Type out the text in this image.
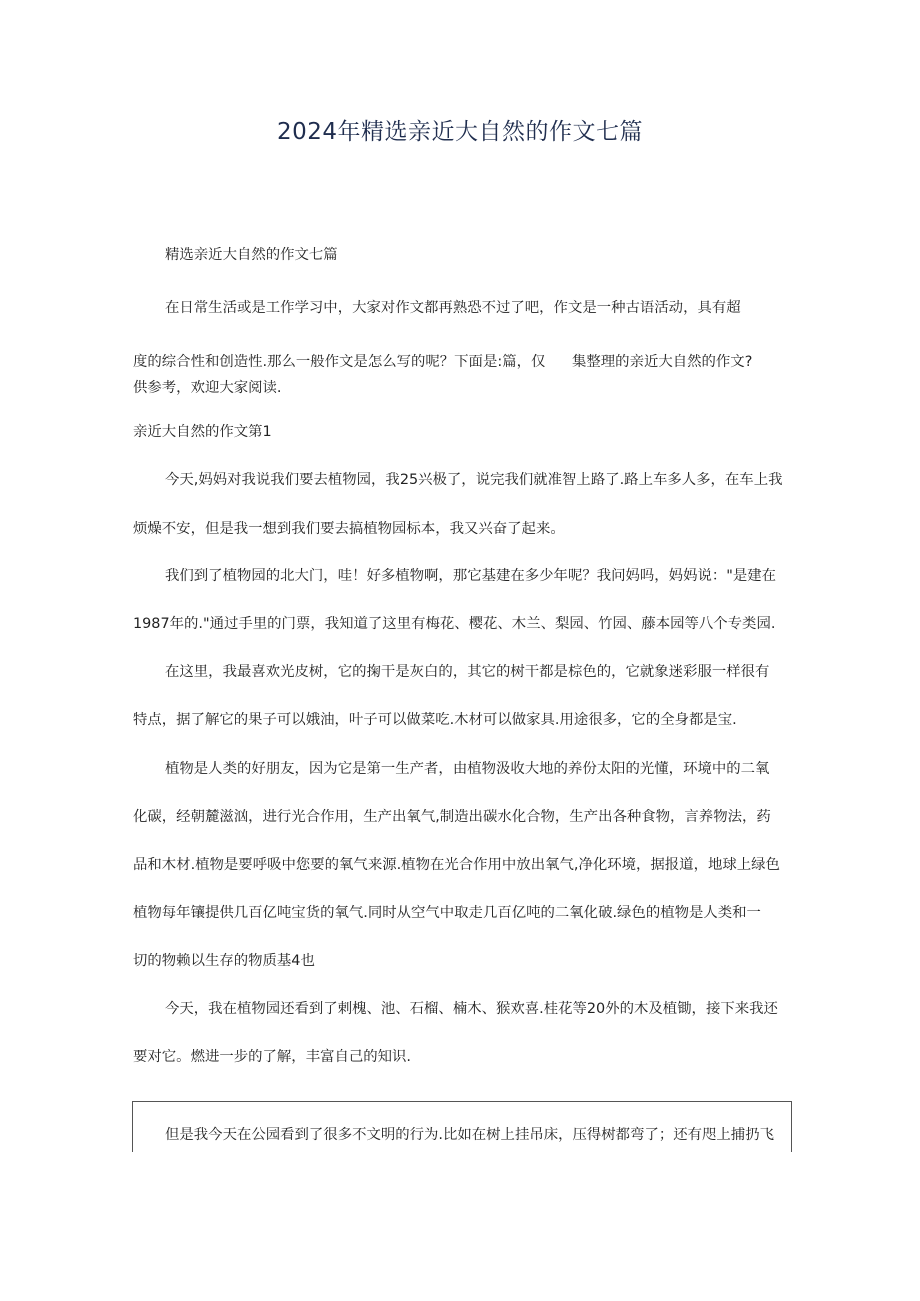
2024年精选亲近大自然的作文七篇
精选亲近大自然的作文七篇
在日常生活或是工作学习中，大家对作文都再熟恐不过了吧，作文是一种古语活动，具有超
度的综合性和创造性.那么一般作文是怎么写的呢？下面是:篇，仅 集整理的亲近大自然的作文?
供参考，欢迎大家阅读.
亲近大自然的作文第1
今天,妈妈对我说我们要去植物园，我25兴极了，说完我们就准智上路了.路上车多人多，在车上我
烦燥不安，但是我一想到我们要去搞植物园标本，我又兴奋了起来。
我们到了植物园的北大门，哇！好多植物啊，那它基建在多少年呢？我问妈吗，妈妈说："是建在
1987年的."通过手里的门票，我知道了这里有梅花、樱花、木兰、梨园、竹园、藤本园等八个专类园.
在这里，我最喜欢光皮树，它的掬干是灰白的，其它的树干都是棕色的，它就象迷彩服一样很有
特点，据了解它的果子可以娥油，叶子可以做菜吃.木材可以做家具.用途很多，它的全身都是宝.
植物是人类的好朋友，因为它是第一生产者，由植物汲收大地的养份太阳的光懂，环境中的二氧
化碳，经朝麓滋汹，进行光合作用，生产出氧气,制造出碳水化合物，生产出各种食物，言养物法，药
品和木材.植物是要呼吸中您要的氧气来源.植物在光合作用中放出氧气,净化环境，据报道，地球上绿色
植物每年镶提供几百亿吨宝货的氧气.同时从空气中取走几百亿吨的二氧化破.绿色的植物是人类和一
切的物赖以生存的物质基4也
今天，我在植物园还看到了剌槐、池、石榴、楠木、猴欢喜.桂花等20外的木及植锄，接下来我还
要对它。燃进一步的了解，丰富自己的知识.
但是我今天在公园看到了很多不文明的行为.比如在树上挂吊床，压得树都弯了；还有咫上捕扔飞
